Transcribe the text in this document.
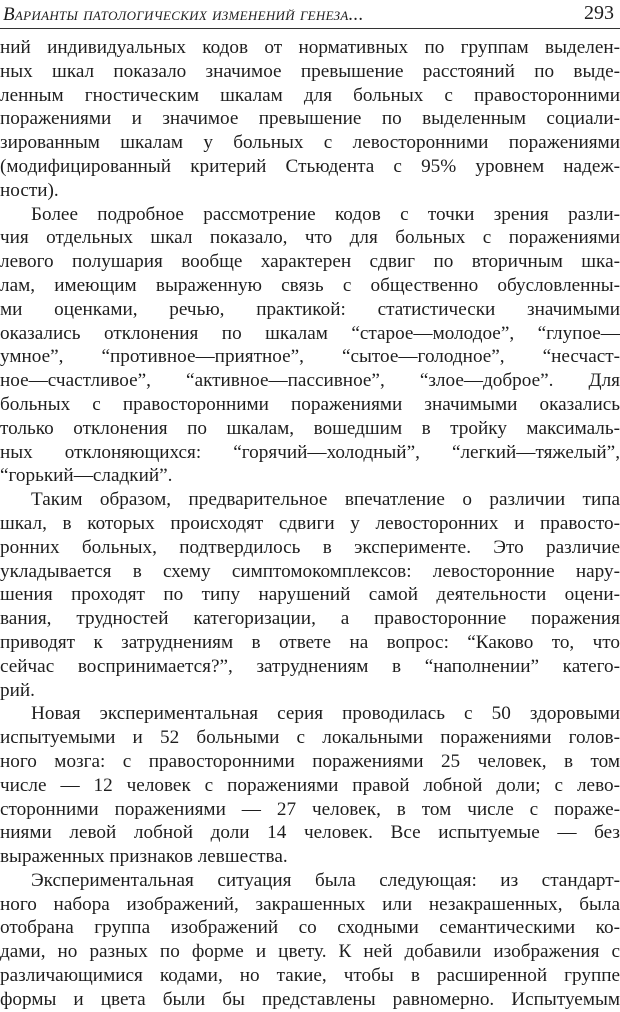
Варианты патологических изменений генеза...	293
ний индивидуальных кодов от нормативных по группам выделен-
ных шкал показало значимое превышение расстояний по выде-
ленным гностическим шкалам для больных с правосторонними
поражениями и значимое превышение по выделенным социали-
зированным шкалам у больных с левосторонними поражениями
(модифицированный критерий Стьюдента с 95% уровнем надеж-
ности).
Более подробное рассмотрение кодов с точки зрения разли-
чия отдельных шкал показало, что для больных с поражениями
левого полушария вообще характерен сдвиг по вторичным шка-
лам, имеющим выраженную связь с общественно обусловленны-
ми оценками, речью, практикой: статистически значимыми
оказались отклонения по шкалам “старое—молодое”, “глупое—
умное”, “противное—приятное”, “сытое—голодное”, “несчаст-
ное—счастливое”, “активное—пассивное”, “злое—доброе”. Для
больных с правосторонними поражениями значимыми оказались
только отклонения по шкалам, вошедшим в тройку максималь-
ных отклоняющихся: “горячий—холодный”, “легкий—тяжелый”,
“горький—сладкий”.
Таким образом, предварительное впечатление о различии типа
шкал, в которых происходят сдвиги у левосторонних и правосто-
ронних больных, подтвердилось в эксперименте. Это различие
укладывается в схему симптомокомплексов: левосторонние нару-
шения проходят по типу нарушений самой деятельности оцени-
вания, трудностей категоризации, а правосторонние поражения
приводят к затруднениям в ответе на вопрос: “Каково то, что
сейчас воспринимается?”, затруднениям в “наполнении” катего-
рий.
Новая экспериментальная серия проводилась с 50 здоровыми
испытуемыми и 52 больными с локальными поражениями голов-
ного мозга: с правосторонними поражениями 25 человек, в том
числе — 12 человек с поражениями правой лобной доли; с лево-
сторонними поражениями — 27 человек, в том числе с пораже-
ниями левой лобной доли 14 человек. Все испытуемые — без
выраженных признаков левшества.
Экспериментальная ситуация была следующая: из стандарт-
ного набора изображений, закрашенных или незакрашенных, была
отобрана группа изображений со сходными семантическими ко-
дами, но разных по форме и цвету. К ней добавили изображения с
различающимися кодами, но такие, чтобы в расширенной группе
формы и цвета были бы представлены равномерно. Испытуемым
